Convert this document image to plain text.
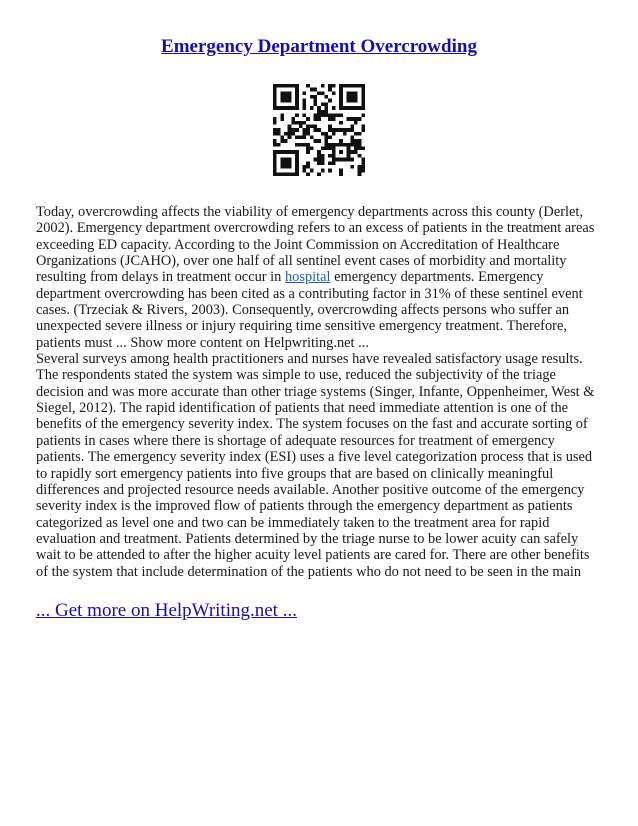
Emergency Department Overcrowding

Today, overcrowding affects the viability of emergency departments across this county (Derlet, 2002). Emergency department overcrowding refers to an excess of patients in the treatment areas exceeding ED capacity. According to the Joint Commission on Accreditation of Healthcare Organizations (JCAHO), over one half of all sentinel event cases of morbidity and mortality resulting from delays in treatment occur in hospital emergency departments. Emergency department overcrowding has been cited as a contributing factor in 31% of these sentinel event cases. (Trzeciak & Rivers, 2003). Consequently, overcrowding affects persons who suffer an unexpected severe illness or injury requiring time sensitive emergency treatment. Therefore, patients must ... Show more content on Helpwriting.net ...

Several surveys among health practitioners and nurses have revealed satisfactory usage results. The respondents stated the system was simple to use, reduced the subjectivity of the triage decision and was more accurate than other triage systems (Singer, Infante, Oppenheimer, West & Siegel, 2012). The rapid identification of patients that need immediate attention is one of the benefits of the emergency severity index. The system focuses on the fast and accurate sorting of patients in cases where there is shortage of adequate resources for treatment of emergency patients. The emergency severity index (ESI) uses a five level categorization process that is used to rapidly sort emergency patients into five groups that are based on clinically meaningful differences and projected resource needs available. Another positive outcome of the emergency severity index is the improved flow of patients through the emergency department as patients categorized as level one and two can be immediately taken to the treatment area for rapid evaluation and treatment. Patients determined by the triage nurse to be lower acuity can safely wait to be attended to after the higher acuity level patients are cared for. There are other benefits of the system that include determination of the patients who do not need to be seen in the main

... Get more on HelpWriting.net ...
